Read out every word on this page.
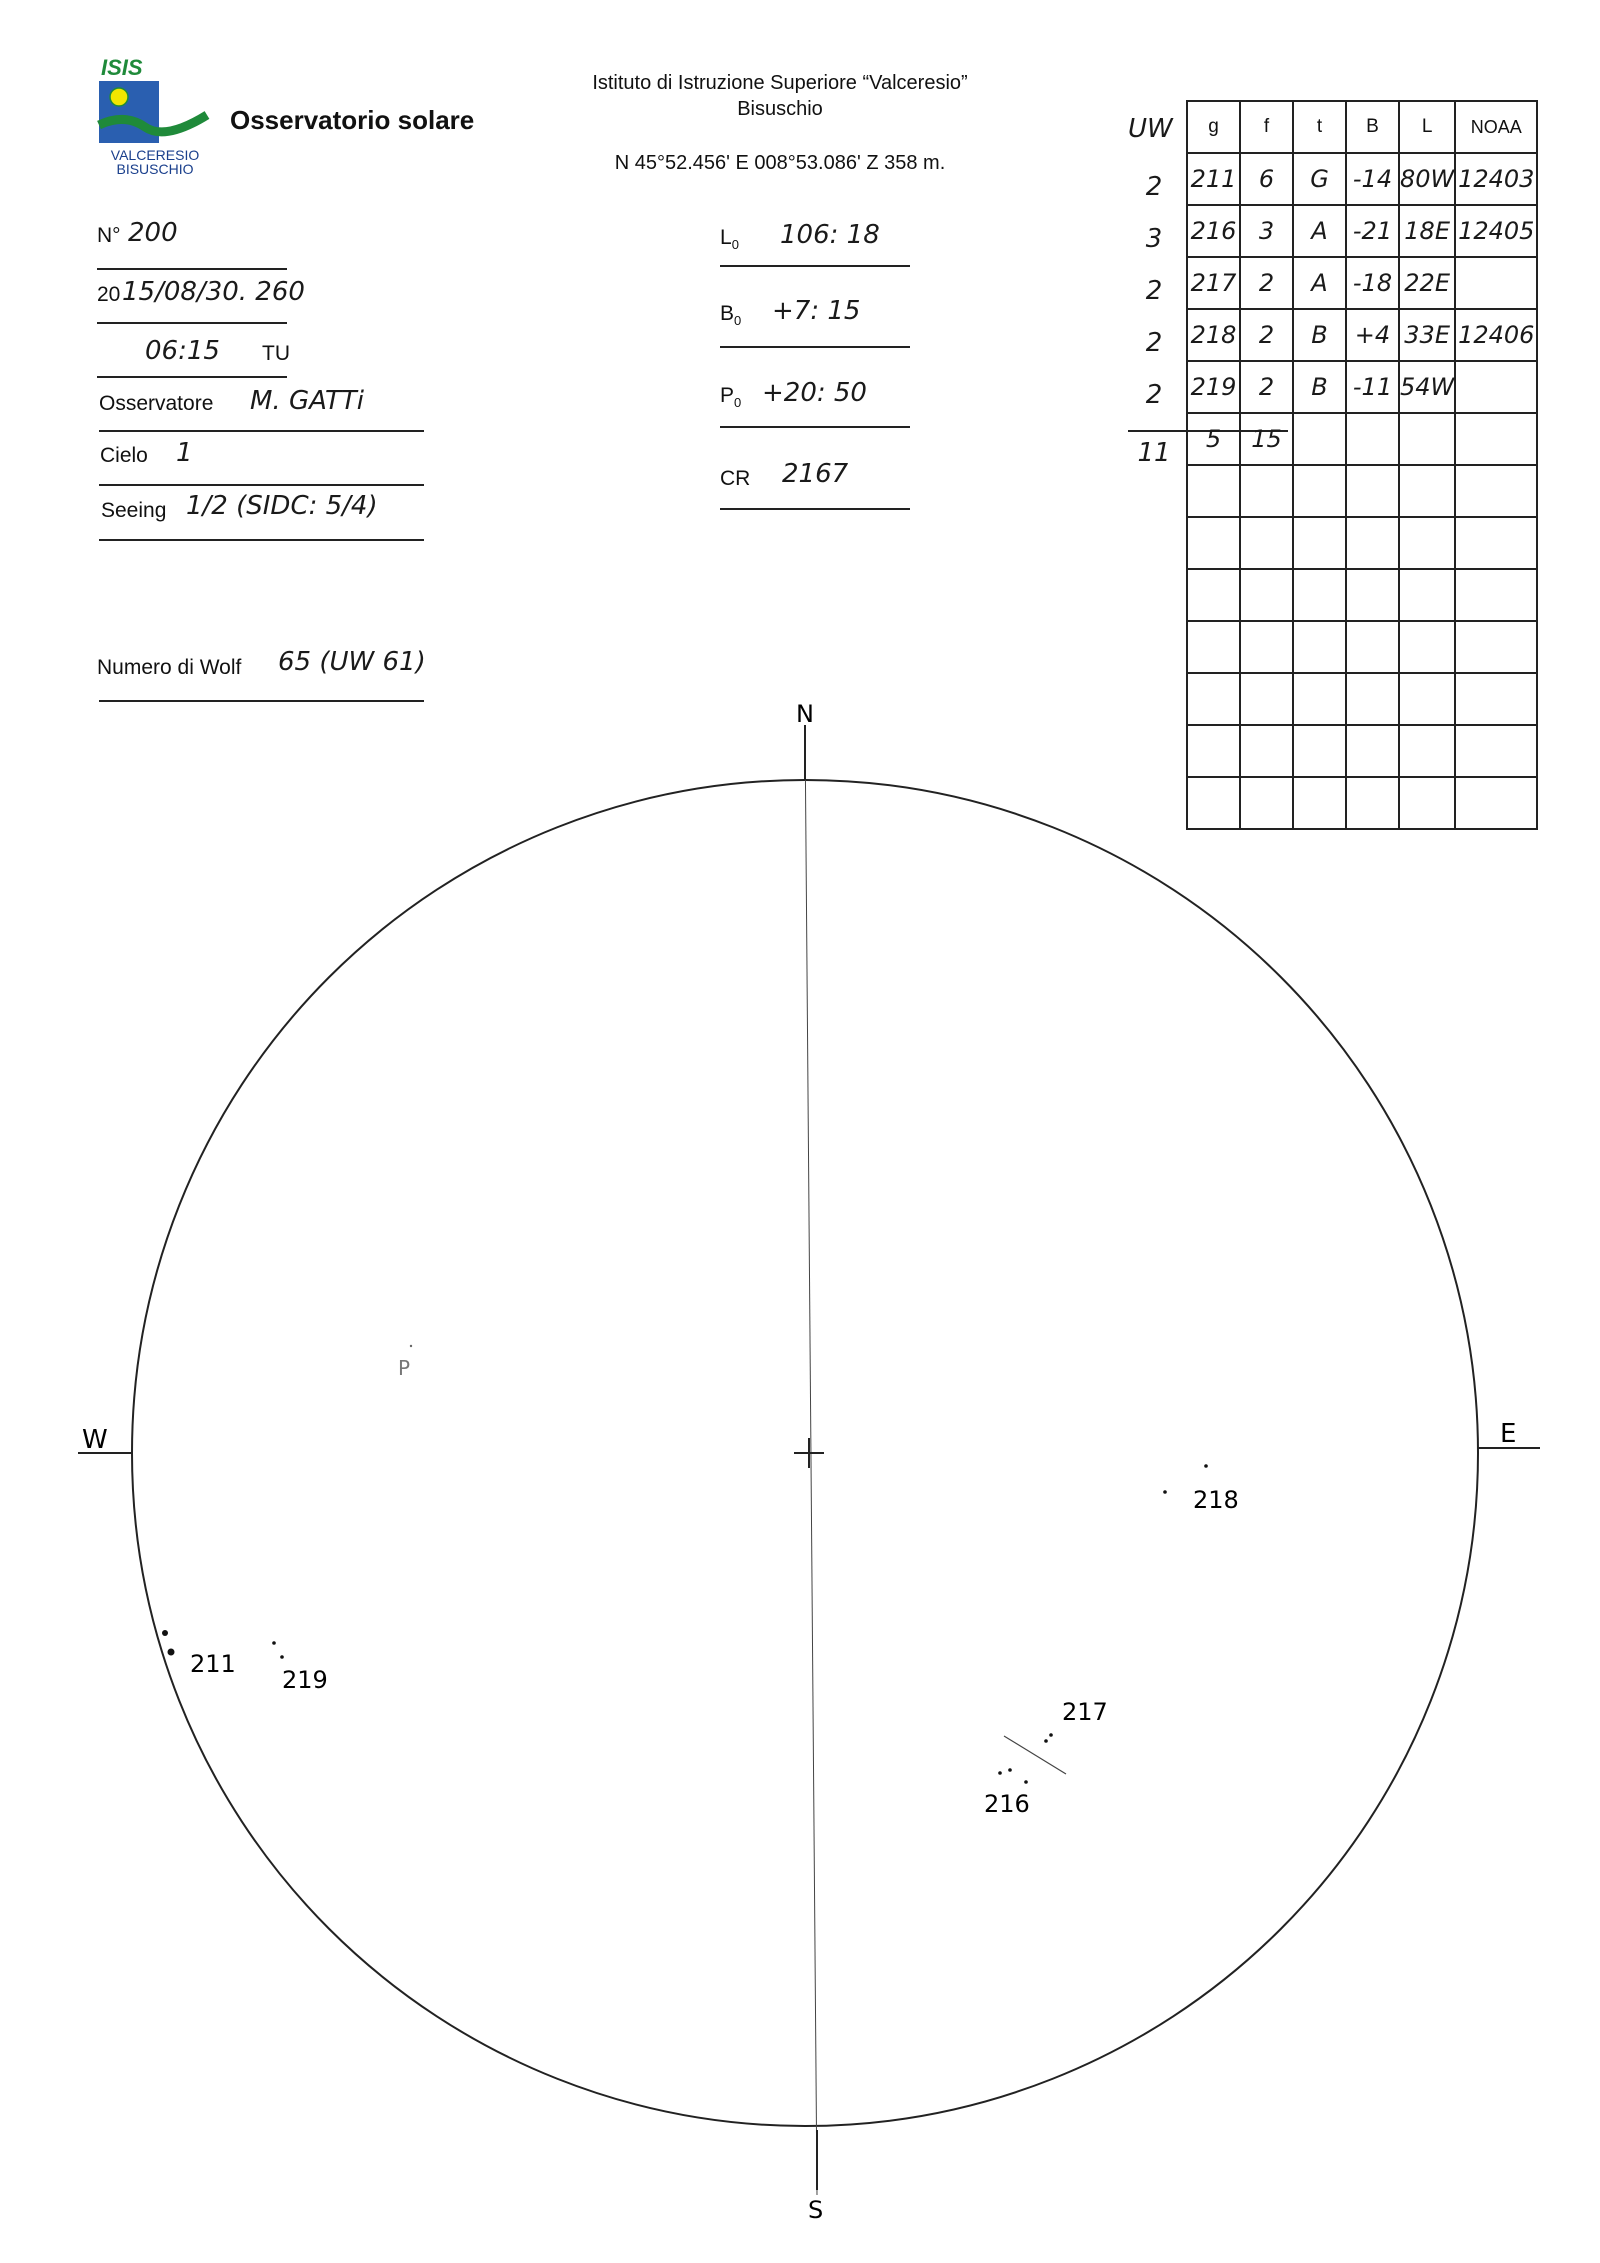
ISIS
VALCERESIO
BISUSCHIO
Osservatorio solare
Istituto di Istruzione Superiore “Valceresio”
Bisuschio
N 45°52.456' E 008°53.086' Z 358 m.
N° 200
20 15/08/30. 260
06:15 TU
Osservatore M. GATTi
Cielo 1
Seeing 1/2 (SIDC: 5/4)
Numero di Wolf 65 (UW 61)
$L_0$ 106: 18
$B_0 +7$: 15
$P_0 +20$: 50
CR 2167
UW
2
3
2
2
2
11
g	f	t	B	L	NOAA
211	6	G	-14	80W	12403
216	3	A	-21	18E	12405
217	2	A	-18	22E	
218	2	B	+4	33E	12406
219	2	B	-11	54W	
5	15				

N
S
W	E
P
211
219
218
217
216
